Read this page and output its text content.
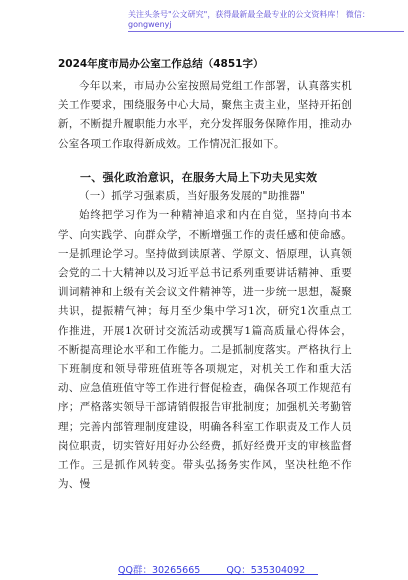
关注头条号"公文研究"，获得最新最全最专业的公文资料库！ 微信：gongwenyj
2024年度市局办公室工作总结（4851字）

今年以来，市局办公室按照局党组工作部署，认真落实机关工作要求，围绕服务中心大局，聚焦主责主业，坚持开拓创新，不断提升履职能力水平，充分发挥服务保障作用，推动办公室各项工作取得新成效。工作情况汇报如下。

一、强化政治意识，在服务大局上下功夫见实效

（一）抓学习强素质，当好服务发展的"助推器"

始终把学习作为一种精神追求和内在自觉，坚持向书本学、向实践学、向群众学，不断增强工作的责任感和使命感。一是抓理论学习。坚持做到读原著、学原文、悟原理，认真领会党的二十大精神以及习近平总书记系列重要讲话精神、重要训词精神和上级有关会议文件精神等，进一步统一思想，凝聚共识，提振精气神；每月至少集中学习1次，研究1次重点工作推进，开展1次研讨交流活动或撰写1篇高质量心得体会，不断提高理论水平和工作能力。二是抓制度落实。严格执行上下班制度和领导带班值班等各项规定，对机关工作和重大活动、应急值班值守等工作进行督促检查，确保各项工作规范有序；严格落实领导干部请销假报告审批制度；加强机关考勤管理；完善内部管理制度建设，明确各科室工作职责及工作人员岗位职责，切实管好用好办公经费，抓好经费开支的审核监督工作。三是抓作风转变。带头弘扬务实作风，坚决杜绝不作为、慢

QQ群：30265665	QQ：535304092
